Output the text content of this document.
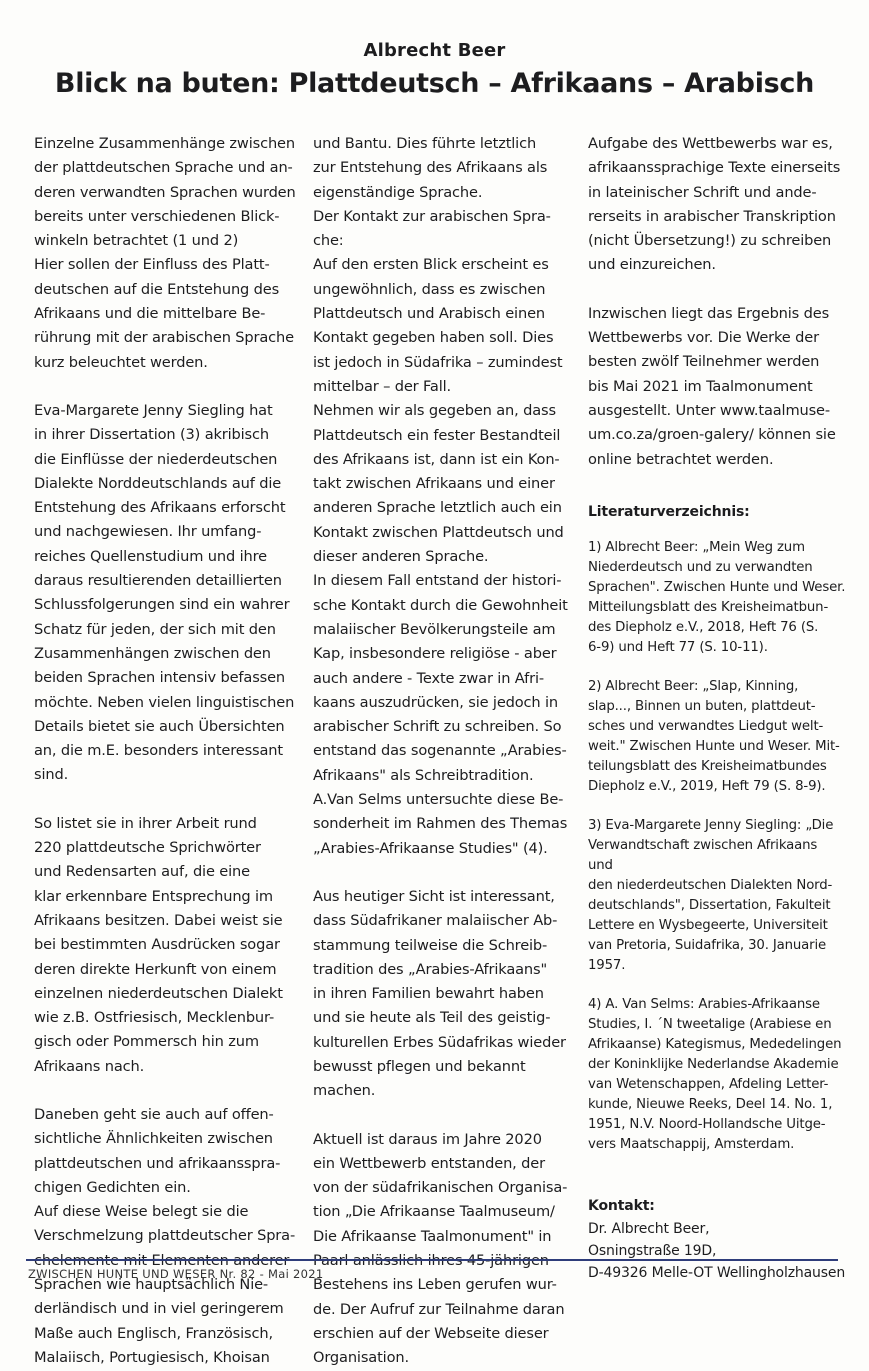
Albrecht Beer
Blick na buten: Plattdeutsch – Afrikaans – Arabisch

Einzelne Zusammenhänge zwischen

der plattdeutschen Sprache und an-

deren verwandten Sprachen wurden

bereits unter verschiedenen Blick-

winkeln betrachtet (1 und 2)

Hier sollen der Einfluss des Platt-

deutschen auf die Entstehung des

Afrikaans und die mittelbare Be-

rührung mit der arabischen Sprache

kurz beleuchtet werden.

Eva-Margarete Jenny Siegling hat

in ihrer Dissertation (3) akribisch

die Einflüsse der niederdeutschen

Dialekte Norddeutschlands auf die

Entstehung des Afrikaans erforscht

und nachgewiesen. Ihr umfang-

reiches Quellenstudium und ihre

daraus resultierenden detaillierten

Schlussfolgerungen sind ein wahrer

Schatz für jeden, der sich mit den

Zusammenhängen zwischen den

beiden Sprachen intensiv befassen

möchte. Neben vielen linguistischen

Details bietet sie auch Übersichten

an, die m.E. besonders interessant

sind.

So listet sie in ihrer Arbeit rund

220 plattdeutsche Sprichwörter

und Redensarten auf, die eine

klar erkennbare Entsprechung im

Afrikaans besitzen. Dabei weist sie

bei bestimmten Ausdrücken sogar

deren direkte Herkunft von einem

einzelnen niederdeutschen Dialekt

wie z.B. Ostfriesisch, Mecklenbur-

gisch oder Pommersch hin zum

Afrikaans nach.

Daneben geht sie auch auf offen-

sichtliche Ähnlichkeiten zwischen

plattdeutschen und afrikaansspra-

chigen Gedichten ein.

Auf diese Weise belegt sie die

Verschmelzung plattdeutscher Spra-

Sprachen wie hauptsächlich Nie-

derländisch und in viel geringerem

Maße auch Englisch, Französisch,

Malaiisch, Portugiesisch, Khoisan

und Bantu. Dies führte letztlich

zur Entstehung des Afrikaans als

eigenständige Sprache.

Der Kontakt zur arabischen Spra-

che:

Auf den ersten Blick erscheint es

ungewöhnlich, dass es zwischen

Plattdeutsch und Arabisch einen

Kontakt gegeben haben soll. Dies

ist jedoch in Südafrika – zumindest

mittelbar – der Fall.

Nehmen wir als gegeben an, dass

Plattdeutsch ein fester Bestandteil

des Afrikaans ist, dann ist ein Kon-

takt zwischen Afrikaans und einer

anderen Sprache letztlich auch ein

Kontakt zwischen Plattdeutsch und

dieser anderen Sprache.

In diesem Fall entstand der histori-

sche Kontakt durch die Gewohnheit

malaiischer Bevölkerungsteile am

Kap, insbesondere religiöse - aber

auch andere - Texte zwar in Afri-

kaans auszudrücken, sie jedoch in

arabischer Schrift zu schreiben. So

entstand das sogenannte „Arabies-

Afrikaans" als Schreibtradition.

A.Van Selms untersuchte diese Be-

sonderheit im Rahmen des Themas

„Arabies-Afrikaanse Studies" (4).

Aus heutiger Sicht ist interessant,

dass Südafrikaner malaiischer Ab-

stammung teilweise die Schreib-

tradition des „Arabies-Afrikaans"

in ihren Familien bewahrt haben

und sie heute als Teil des geistig-

kulturellen Erbes Südafrikas wieder

bewusst pflegen und bekannt

machen.

Aktuell ist daraus im Jahre 2020

ein Wettbewerb entstanden, der

von der südafrikanischen Organisa-

tion „Die Afrikaanse Taalmuseum/

Die Afrikaanse Taalmonument" in

Bestehens ins Leben gerufen wur-

de. Der Aufruf zur Teilnahme daran

erschien auf der Webseite dieser

Organisation.

Aufgabe des Wettbewerbs war es,

afrikaanssprachige Texte einerseits

in lateinischer Schrift und ande-

rerseits in arabischer Transkription

(nicht Übersetzung!) zu schreiben

und einzureichen.

Inzwischen liegt das Ergebnis des

Wettbewerbs vor. Die Werke der

besten zwölf Teilnehmer werden

bis Mai 2021 im Taalmonument

ausgestellt. Unter www.taalmuse-

um.co.za/groen-galery/ können sie

online betrachtet werden.

Literaturverzeichnis:

1) Albrecht Beer: „Mein Weg zum

Niederdeutsch und zu verwandten

Sprachen". Zwischen Hunte und Weser.

Mitteilungsblatt des Kreisheimatbun-

des Diepholz e.V., 2018, Heft 76 (S.

6-9) und Heft 77 (S. 10-11).

2) Albrecht Beer: „Slap, Kinning,

slap..., Binnen un buten, plattdeut-

sches und verwandtes Liedgut welt-

weit." Zwischen Hunte und Weser. Mit-

teilungsblatt des Kreisheimatbundes

Diepholz e.V., 2019, Heft 79 (S. 8-9).

3) Eva-Margarete Jenny Siegling: „Die

Verwandtschaft zwischen Afrikaans und

den niederdeutschen Dialekten Nord-

deutschlands", Dissertation, Fakulteit

Lettere en Wysbegeerte, Universiteit

van Pretoria, Suidafrika, 30. Januarie

1957.

4) A. Van Selms: Arabies-Afrikaanse

Studies, I. ´N tweetalige (Arabiese en

Afrikaanse) Kategismus, Mededelingen

der Koninklijke Nederlandse Akademie

van Wetenschappen, Afdeling Letter-

kunde, Nieuwe Reeks, Deel 14. No. 1,

1951, N.V. Noord-Hollandsche Uitge-

vers Maatschappij, Amsterdam.

Kontakt:

Dr. Albrecht Beer,

Osningstraße 19D,

D-49326 Melle-OT Wellingholzhausen

ZWISCHEN HUNTE UND WESER Nr. 82 - Mai 2021
